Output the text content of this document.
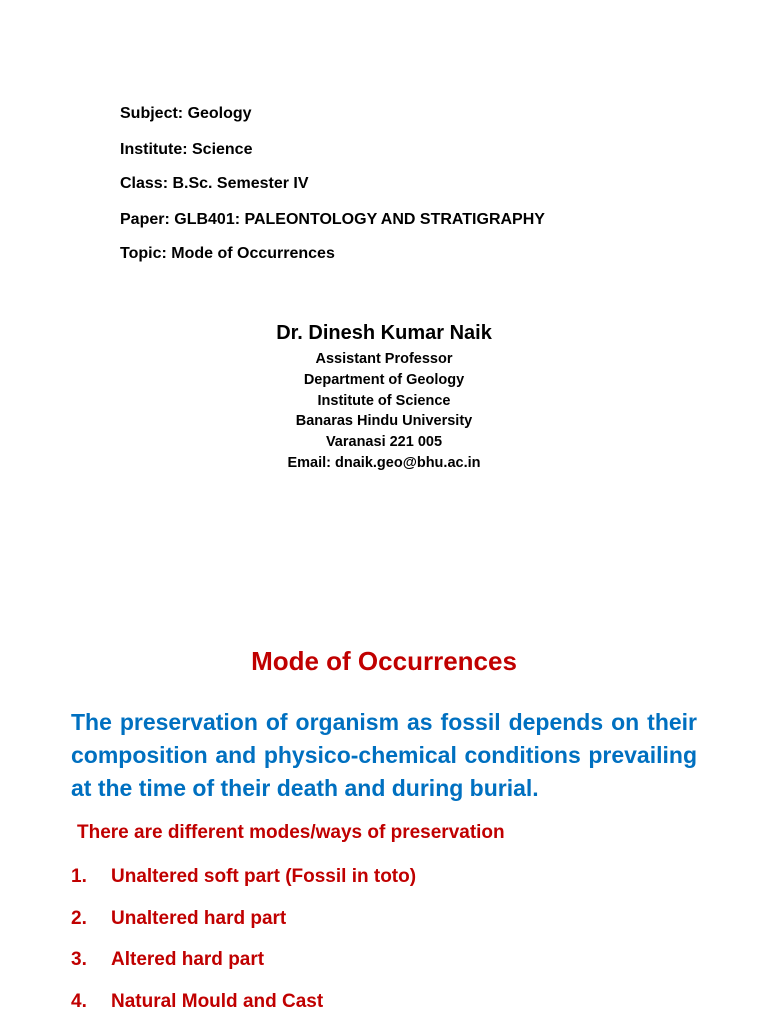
Subject: Geology
Institute: Science
Class: B.Sc. Semester IV
Paper: GLB401: PALEONTOLOGY AND STRATIGRAPHY
Topic: Mode of Occurrences
Dr. Dinesh Kumar Naik
Assistant Professor
Department of Geology
Institute of Science
Banaras Hindu University
Varanasi 221 005
Email: dnaik.geo@bhu.ac.in
Mode of Occurrences
The preservation of organism as fossil depends on their composition and physico-chemical conditions prevailing at the time of their death and during burial.
There are different modes/ways of preservation
1.	Unaltered soft part (Fossil in toto)
2.	Unaltered hard part
3.	Altered hard part
4.	Natural Mould and Cast
